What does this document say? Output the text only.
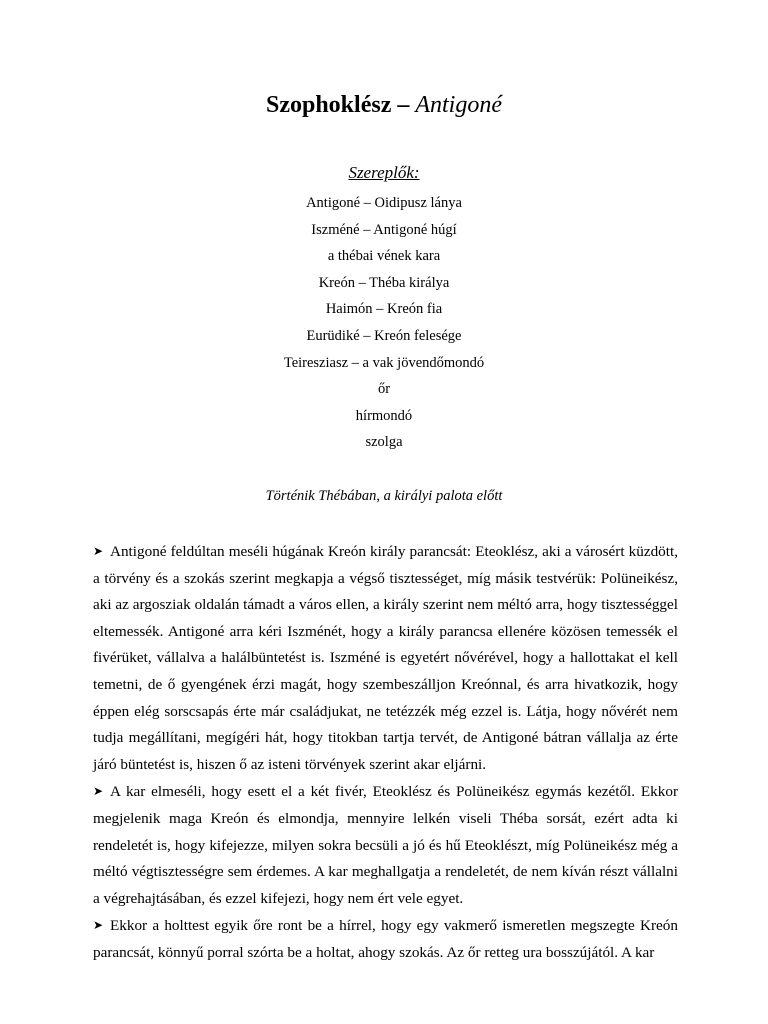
Szophoklész – Antigoné
Szereplők:
Antigoné – Oidipusz lánya
Iszméné – Antigoné húgí
a thébai vének kara
Kreón – Théba királya
Haimón – Kreón fia
Eurüdiké – Kreón felesége
Teiresziasz – a vak jövendőmondó
őr
hírmondó
szolga
Történik Thébában, a királyi palota előtt

➤ Antigoné feldúltan meséli húgának Kreón király parancsát: Eteoklész, aki a városért küzdött, a törvény és a szokás szerint megkapja a végső tisztességet, míg másik testvérük: Polüneikész, aki az argosziak oldalán támadt a város ellen, a király szerint nem méltó arra, hogy tisztességgel eltemessék. Antigoné arra kéri Iszménét, hogy a király parancsa ellenére közösen temessék el fivérüket, vállalva a halálbüntetést is. Iszméné is egyetért nővérével, hogy a hallottakat el kell temetni, de ő gyengének érzi magát, hogy szembeszálljon Kreónnal, és arra hivatkozik, hogy éppen elég sorscsapás érte már családjukat, ne tetézzék még ezzel is. Látja, hogy nővérét nem tudja megállítani, megígéri hát, hogy titokban tartja tervét, de Antigoné bátran vállalja az érte járó büntetést is, hiszen ő az isteni törvények szerint akar eljárni.

➤ A kar elmeséli, hogy esett el a két fivér, Eteoklész és Polüneikész egymás kezétől. Ekkor megjelenik maga Kreón és elmondja, mennyire lelkén viseli Théba sorsát, ezért adta ki rendeletét is, hogy kifejezze, milyen sokra becsüli a jó és hű Eteoklészt, míg Polüneikész még a méltó végtisztességre sem érdemes. A kar meghallgatja a rendeletét, de nem kíván részt vállalni a végrehajtásában, és ezzel kifejezi, hogy nem ért vele egyet.

➤ Ekkor a holttest egyik őre ront be a hírrel, hogy egy vakmerő ismeretlen megszegte Kreón parancsát, könnyű porral szórta be a holtat, ahogy szokás. Az őr retteg ura bosszújától. A kar
